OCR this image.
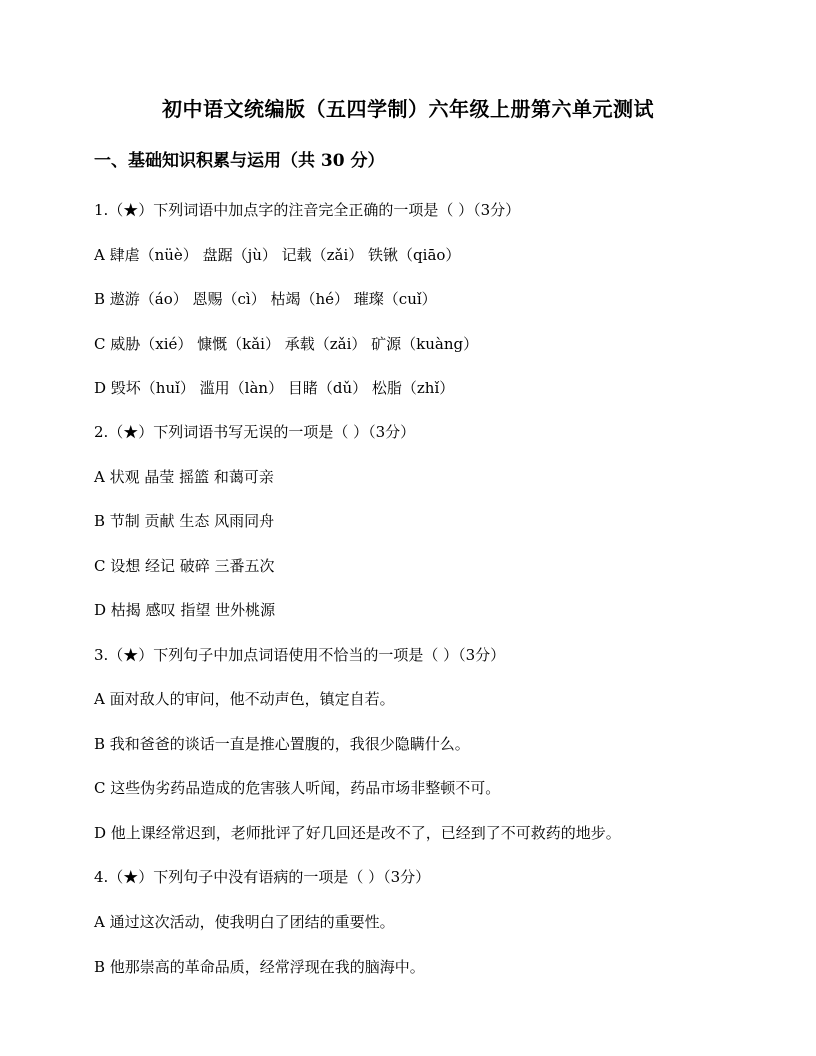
初中语文统编版（五四学制）六年级上册第六单元测试
一、基础知识积累与运用（共 30 分）
1.（★）下列词语中加点字的注音完全正确的一项是（ ）（3分）
A 肆虐（nüè） 盘踞（jù） 记载（zǎi） 铁锹（qiāo）
B 遨游（áo） 恩赐（cì） 枯竭（hé） 璀璨（cuǐ）
C 威胁（xié） 慷慨（kǎi） 承载（zǎi） 矿源（kuàng）
D 毁坏（huǐ） 滥用（làn） 目睹（dǔ） 松脂（zhǐ）
2.（★）下列词语书写无误的一项是（ ）（3分）
A 状观 晶莹 摇篮 和蔼可亲
B 节制 贡献 生态 风雨同舟
C 设想 经记 破碎 三番五次
D 枯揭 感叹 指望 世外桃源
3.（★）下列句子中加点词语使用不恰当的一项是（ ）（3分）
A 面对敌人的审问，他不动声色，镇定自若。
B 我和爸爸的谈话一直是推心置腹的，我很少隐瞒什么。
C 这些伪劣药品造成的危害骇人听闻，药品市场非整顿不可。
D 他上课经常迟到，老师批评了好几回还是改不了，已经到了不可救药的地步。
4.（★）下列句子中没有语病的一项是（ ）（3分）
A 通过这次活动，使我明白了团结的重要性。
B 他那崇高的革命品质，经常浮现在我的脑海中。
